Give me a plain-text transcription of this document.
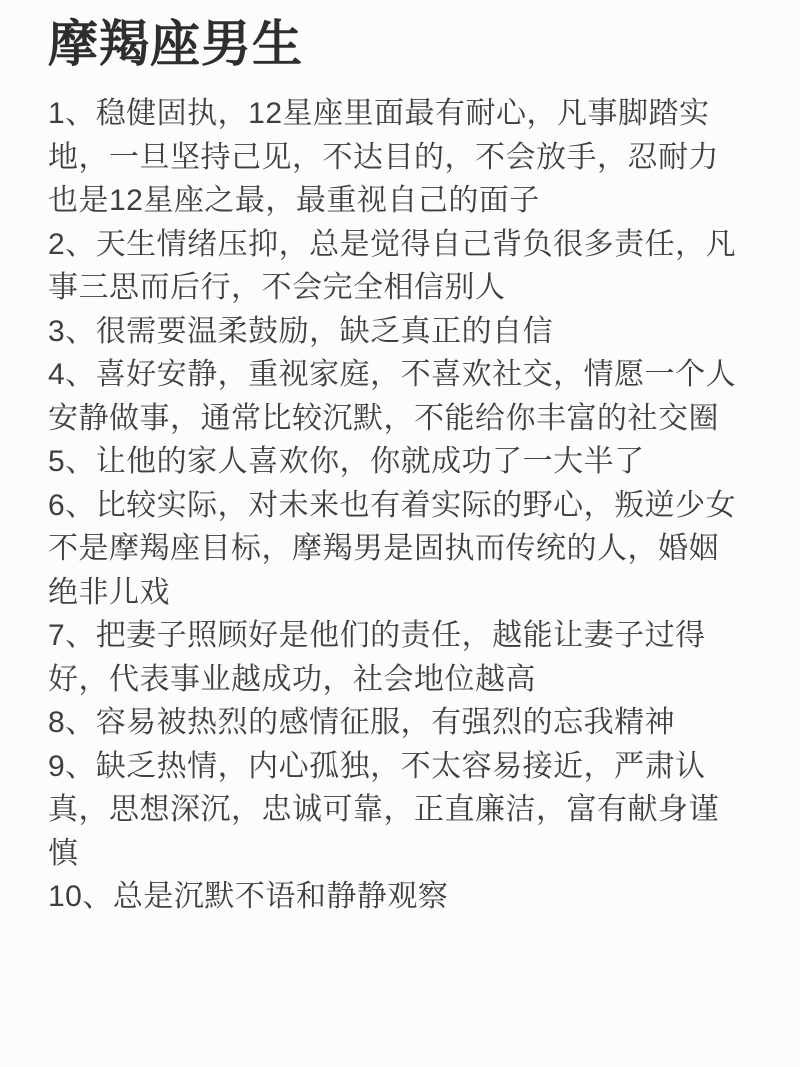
摩羯座男生

1、稳健固执，12星座里面最有耐心，凡事脚踏实地，一旦坚持己见，不达目的，不会放手，忍耐力也是12星座之最，最重视自己的面子

2、天生情绪压抑，总是觉得自己背负很多责任，凡事三思而后行，不会完全相信别人

3、很需要温柔鼓励，缺乏真正的自信

4、喜好安静，重视家庭，不喜欢社交，情愿一个人安静做事，通常比较沉默，不能给你丰富的社交圈

5、让他的家人喜欢你，你就成功了一大半了

6、比较实际，对未来也有着实际的野心，叛逆少女不是摩羯座目标，摩羯男是固执而传统的人，婚姻绝非儿戏

7、把妻子照顾好是他们的责任，越能让妻子过得好，代表事业越成功，社会地位越高

8、容易被热烈的感情征服，有强烈的忘我精神

9、缺乏热情，内心孤独，不太容易接近，严肃认真，思想深沉，忠诚可靠，正直廉洁，富有献身谨慎

10、总是沉默不语和静静观察
